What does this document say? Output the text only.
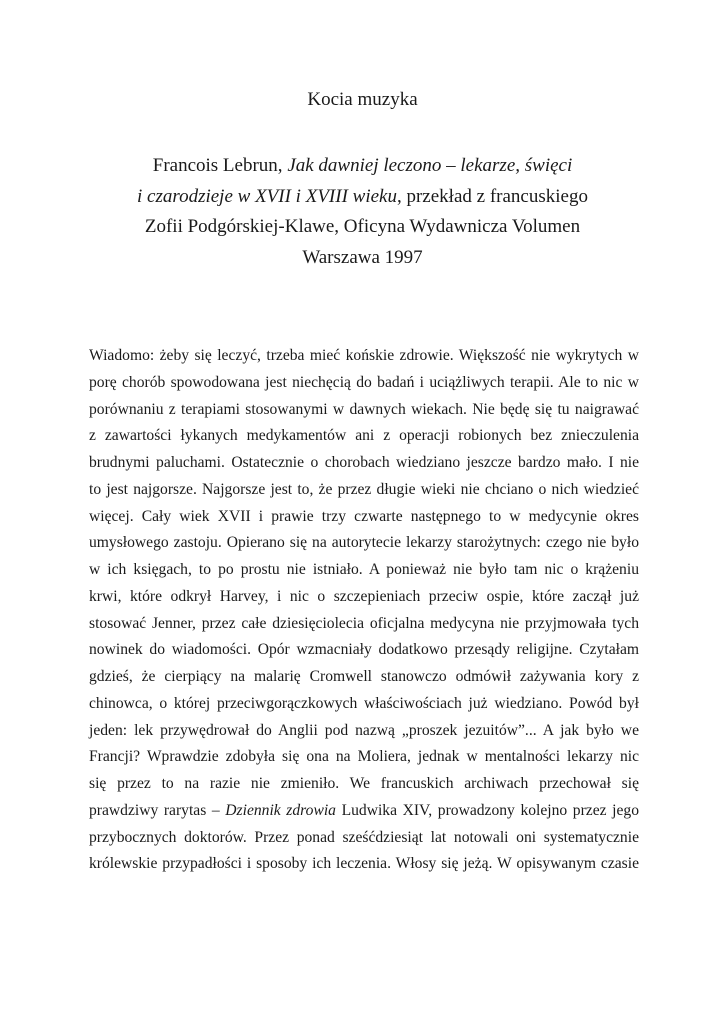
Kocia muzyka
Francois Lebrun, Jak dawniej leczono – lekarze, święci
i czarodzieje w XVII i XVIII wieku, przekład z francuskiego
Zofii Podgórskiej-Klawe, Oficyna Wydawnicza Volumen
Warszawa 1997
Wiadomo: żeby się leczyć, trzeba mieć końskie zdrowie. Większość nie wykrytych w
porę chorób spowodowana jest niechęcią do badań i uciążliwych terapii. Ale to nic w
porównaniu z terapiami stosowanymi w dawnych wiekach. Nie będę się tu naigrawać
z zawartości łykanych medykamentów ani z operacji robionych bez znieczulenia
brudnymi paluchami. Ostatecznie o chorobach wiedziano jeszcze bardzo mało. I nie
to jest najgorsze. Najgorsze jest to, że przez długie wieki nie chciano o nich wiedzieć
więcej. Cały wiek XVII i prawie trzy czwarte następnego to w medycynie okres
umysłowego zastoju. Opierano się na autorytecie lekarzy starożytnych: czego nie było
w ich księgach, to po prostu nie istniało. A ponieważ nie było tam nic o krążeniu
krwi, które odkrył Harvey, i nic o szczepieniach przeciw ospie, które zaczął już
stosować Jenner, przez całe dziesięciolecia oficjalna medycyna nie przyjmowała tych
nowinek do wiadomości. Opór wzmacniały dodatkowo przesądy religijne. Czytałam
gdzieś, że cierpiący na malarię Cromwell stanowczo odmówił zażywania kory z
chinowca, o której przeciwgorączkowych właściwościach już wiedziano. Powód był
jeden: lek przywędrował do Anglii pod nazwą „proszek jezuitów”... A jak było we
Francji? Wprawdzie zdobyła się ona na Moliera, jednak w mentalności lekarzy nic
się przez to na razie nie zmieniło. We francuskich archiwach przechował się
prawdziwy rarytas – Dziennik zdrowia Ludwika XIV, prowadzony kolejno przez jego
przybocznych doktorów. Przez ponad sześćdziesiąt lat notowali oni systematycznie
królewskie przypadłości i sposoby ich leczenia. Włosy się jeżą. W opisywanym czasie
